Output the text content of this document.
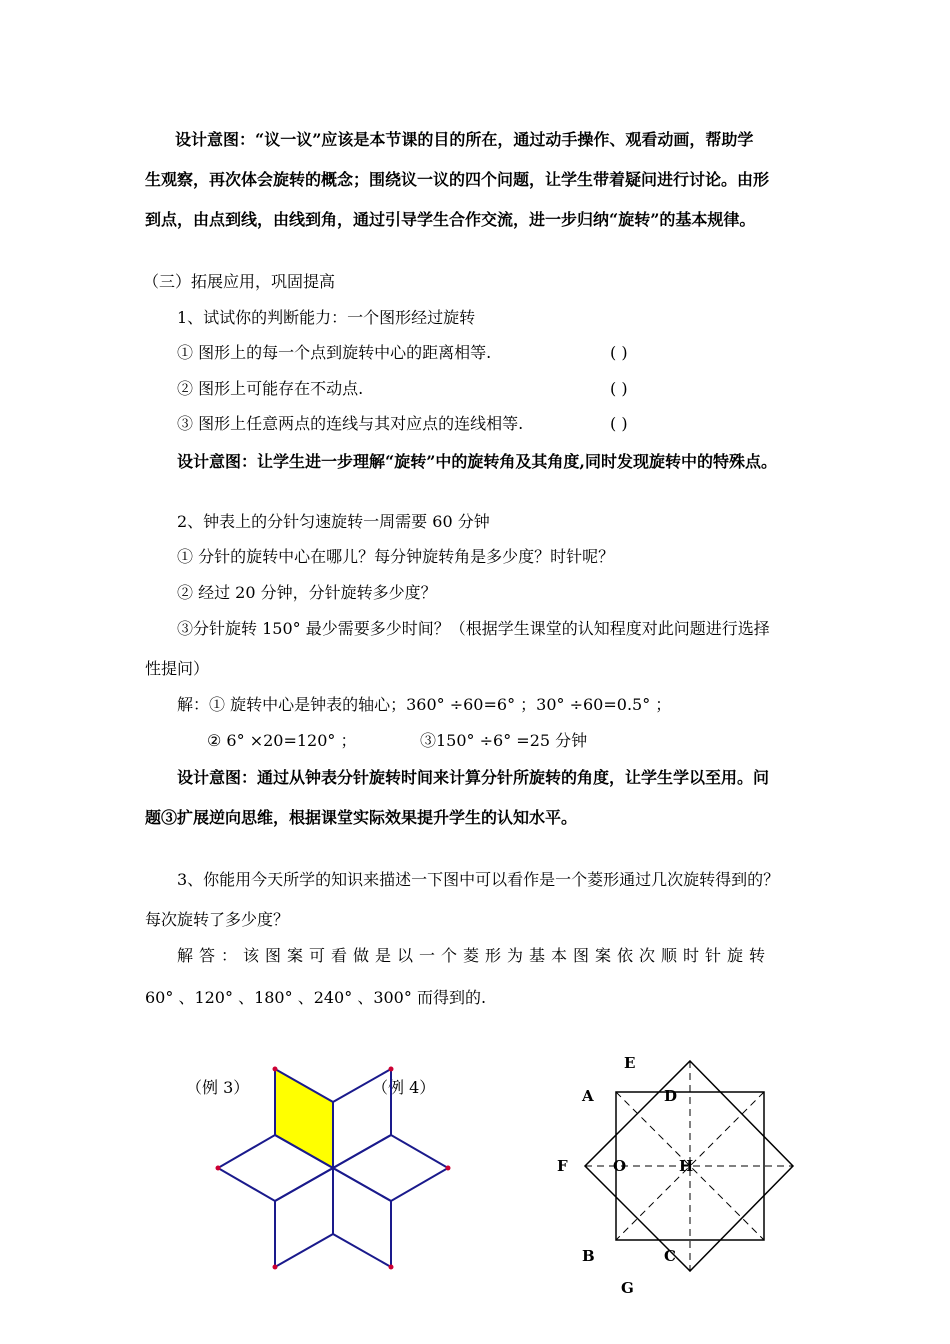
设计意图：“议一议”应该是本节课的目的所在，通过动手操作、观看动画，帮助学
生观察，再次体会旋转的概念；围绕议一议的四个问题，让学生带着疑问进行讨论。由形
到点，由点到线，由线到角，通过引导学生合作交流，进一步归纳“旋转”的基本规律。
（三）拓展应用，巩固提高
1、试试你的判断能力：一个图形经过旋转
① 图形上的每一个点到旋转中心的距离相等.	( )
② 图形上可能存在不动点.	( )
③ 图形上任意两点的连线与其对应点的连线相等.	( )
设计意图：让学生进一步理解“旋转”中的旋转角及其角度,同时发现旋转中的特殊点。
2、钟表上的分针匀速旋转一周需要 60 分钟
① 分针的旋转中心在哪儿？每分钟旋转角是多少度？时针呢？
② 经过 20 分钟，分针旋转多少度？
③分针旋转 150° 最少需要多少时间？（根据学生课堂的认知程度对此问题进行选择
性提问）
解：① 旋转中心是钟表的轴心；360° ÷60=6° ；30° ÷60=0.5° ；
② 6° ×20=120° ；	③150° ÷6° =25 分钟
设计意图：通过从钟表分针旋转时间来计算分针所旋转的角度，让学生学以至用。问
题③扩展逆向思维，根据课堂实际效果提升学生的认知水平。
3、你能用今天所学的知识来描述一下图中可以看作是一个菱形通过几次旋转得到的？
每次旋转了多少度？
解答：该图案可看做是以一个菱形为基本图案依次顺时针旋转
60° 、120° 、180° 、240° 、300° 而得到的.
（例 3）	（例 4）
E
A	D
F	O	H
B	C
G
